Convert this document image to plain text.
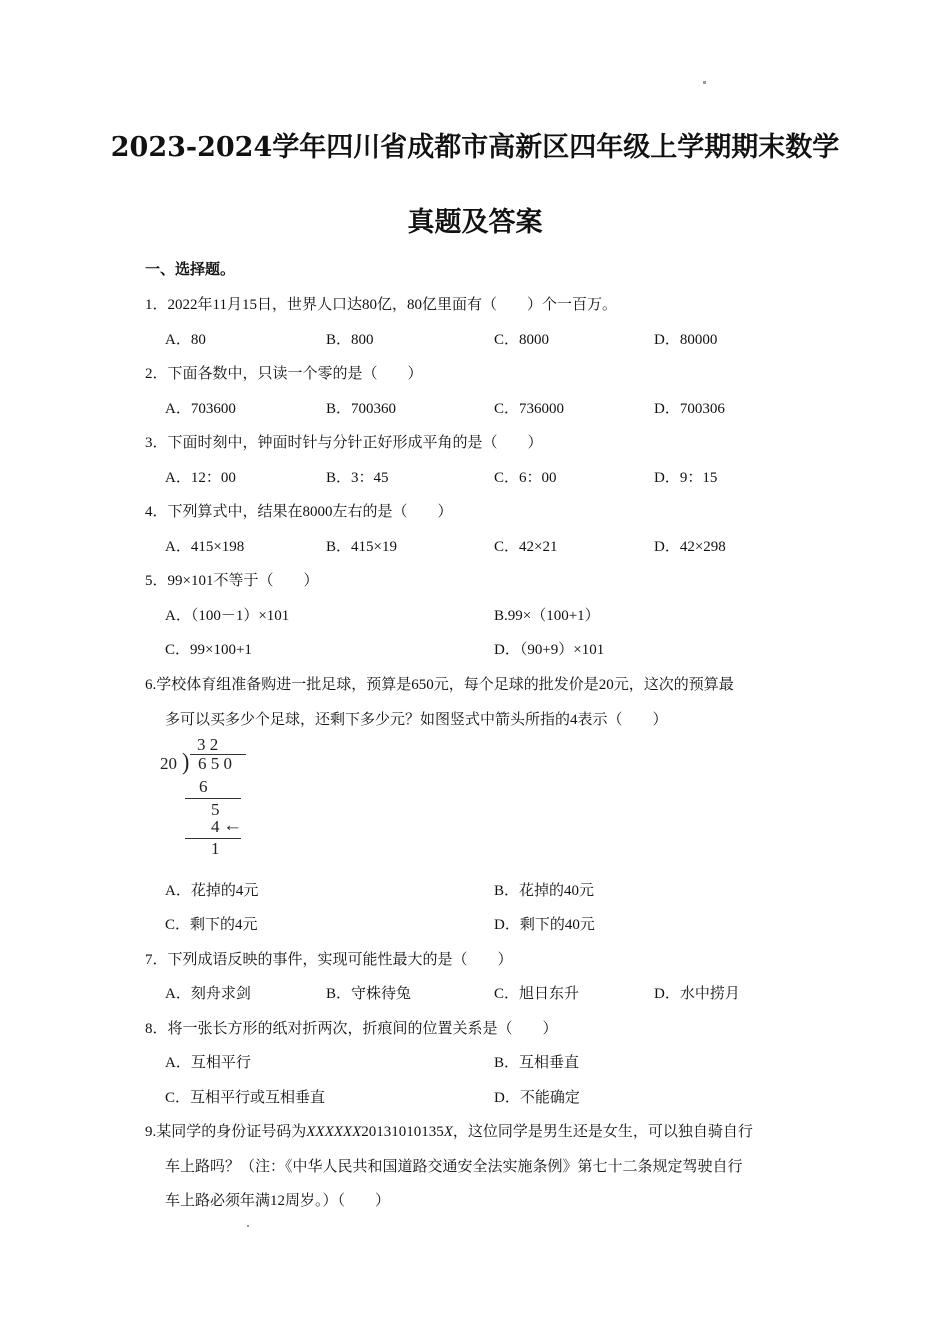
2023-2024学年四川省成都市高新区四年级上学期期末数学
真题及答案
一、选择题。
1．2022年11月15日，世界人口达80亿，80亿里面有（　　）个一百万。
A．80	B．800	C．8000	D．80000
2．下面各数中，只读一个零的是（　　）
A．703600	B．700360	C．736000	D．700306
3．下面时刻中，钟面时针与分针正好形成平角的是（　　）
A．12：00	B．3：45	C．6：00	D．9：15
4．下列算式中，结果在8000左右的是（　　）
A．415×198	B．415×19	C．42×21	D．42×298
5．99×101不等于（　　）
A．（100－1）×101	B.99×（100+1）
C．99×100+1	D．（90+9）×101
6.学校体育组准备购进一批足球，预算是650元，每个足球的批发价是20元，这次的预算最
多可以买多少个足球，还剩下多少元？如图竖式中箭头所指的4表示（　　）
3 2
20 ) 6 5 0
6
5
4 ←
1
A．花掉的4元	B．花掉的40元
C．剩下的4元	D．剩下的40元
7．下列成语反映的事件，实现可能性最大的是（　　）
A．刻舟求剑	B．守株待兔	C．旭日东升	D．水中捞月
8．将一张长方形的纸对折两次，折痕间的位置关系是（　　）
A．互相平行	B．互相垂直
C．互相平行或互相垂直	D．不能确定
9.某同学的身份证号码为XXXXXX20131010135X，这位同学是男生还是女生，可以独自骑自行
车上路吗？（注：《中华人民共和国道路交通安全法实施条例》第七十二条规定驾驶自行
车上路必须年满12周岁。）（　　）
